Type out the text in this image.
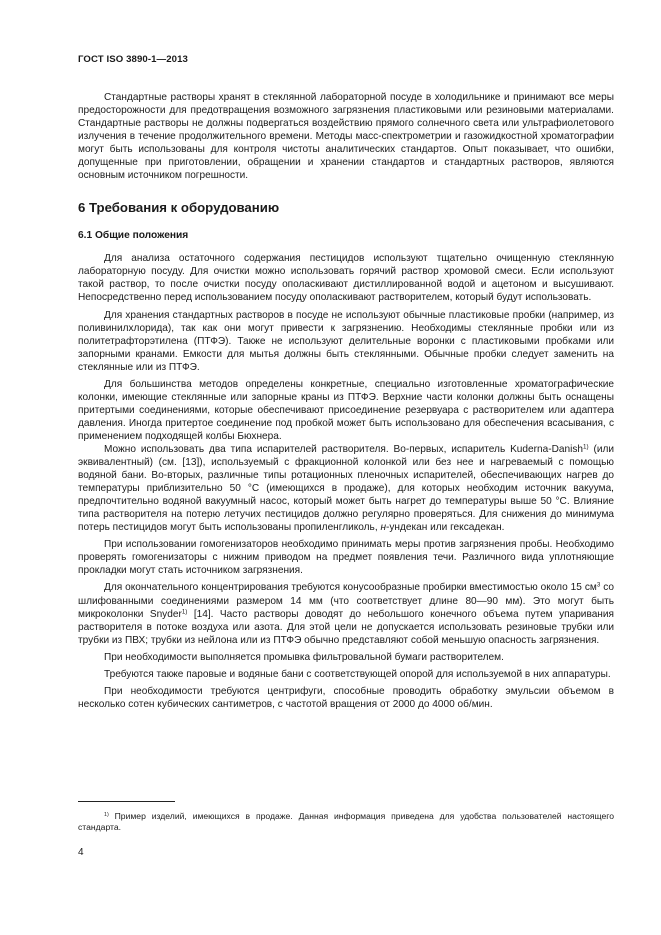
ГОСТ ISO 3890-1—2013

Стандартные растворы хранят в стеклянной лабораторной посуде в холодильнике и принимают все меры предосторожности для предотвращения возможного загрязнения пластиковыми или резиновыми материалами. Стандартные растворы не должны подвергаться воздействию прямого солнечного света или ультрафиолетового излучения в течение продолжительного времени. Методы масс-спектрометрии и газожидкостной хроматографии могут быть использованы для контроля чистоты аналитических стандартов. Опыт показывает, что ошибки, допущенные при приготовлении, обращении и хранении стандартов и стандартных растворов, являются основным источником погрешности.

6 Требования к оборудованию
6.1 Общие положения

Для анализа остаточного содержания пестицидов используют тщательно очищенную стеклянную лабораторную посуду. Для очистки можно использовать горячий раствор хромовой смеси. Если используют такой раствор, то после очистки посуду ополаскивают дистиллированной водой и ацетоном и высушивают. Непосредственно перед использованием посуду ополаскивают растворителем, который будут использовать.

Для хранения стандартных растворов в посуде не используют обычные пластиковые пробки (например, из поливинилхлорида), так как они могут привести к загрязнению. Необходимы стеклянные пробки или из политетрафторэтилена (ПТФЭ). Также не используют делительные воронки с пластиковыми пробками или запорными кранами. Емкости для мытья должны быть стеклянными. Обычные пробки следует заменить на стеклянные или из ПТФЭ.

Для большинства методов определены конкретные, специально изготовленные хроматографические колонки, имеющие стеклянные или запорные краны из ПТФЭ. Верхние части колонки должны быть оснащены притертыми соединениями, которые обеспечивают присоединение резервуара с растворителем или адаптера давления. Иногда притертое соединение под пробкой может быть использовано для обеспечения всасывания, с применением подходящей колбы Бюхнера.

Можно использовать два типа испарителей растворителя. Во-первых, испаритель Kuderna-Danish$^{1)}$ (или эквивалентный) (см. [13]), используемый с фракционной колонкой или без нее и нагреваемый с помощью водяной бани. Во-вторых, различные типы ротационных пленочных испарителей, обеспечивающих нагрев до температуры приблизительно 50 °C (имеющихся в продаже), для которых необходим источник вакуума, предпочтительно водяной вакуумный насос, который может быть нагрет до температуры выше 50 °C. Влияние типа растворителя на потерю летучих пестицидов должно регулярно проверяться. Для снижения до минимума потерь пестицидов могут быть использованы пропиленгликоль, н-ундекан или гексадекан.

При использовании гомогенизаторов необходимо принимать меры против загрязнения пробы. Необходимо проверять гомогенизаторы с нижним приводом на предмет появления течи. Различного вида уплотняющие прокладки могут стать источником загрязнения.

Для окончательного концентрирования требуются конусообразные пробирки вместимостью около 15 $см^3$ со шлифованными соединениями размером 14 мм (что соответствует длине 80—90 мм). Это могут быть микроколонки Snyder$^{1)}$ [14]. Часто растворы доводят до небольшого конечного объема путем упаривания растворителя в потоке воздуха или азота. Для этой цели не допускается использовать резиновые трубки или трубки из ПВХ; трубки из нейлона или из ПТФЭ обычно представляют собой меньшую опасность загрязнения.

При необходимости выполняется промывка фильтровальной бумаги растворителем.

Требуются также паровые и водяные бани с соответствующей опорой для используемой в них аппаратуры.

При необходимости требуются центрифуги, способные проводить обработку эмульсии объемом в несколько сотен кубических сантиметров, с частотой вращения от 2000 до 4000 об/мин.

$^{1)}$ Пример изделий, имеющихся в продаже. Данная информация приведена для удобства пользователей настоящего стандарта.

4
